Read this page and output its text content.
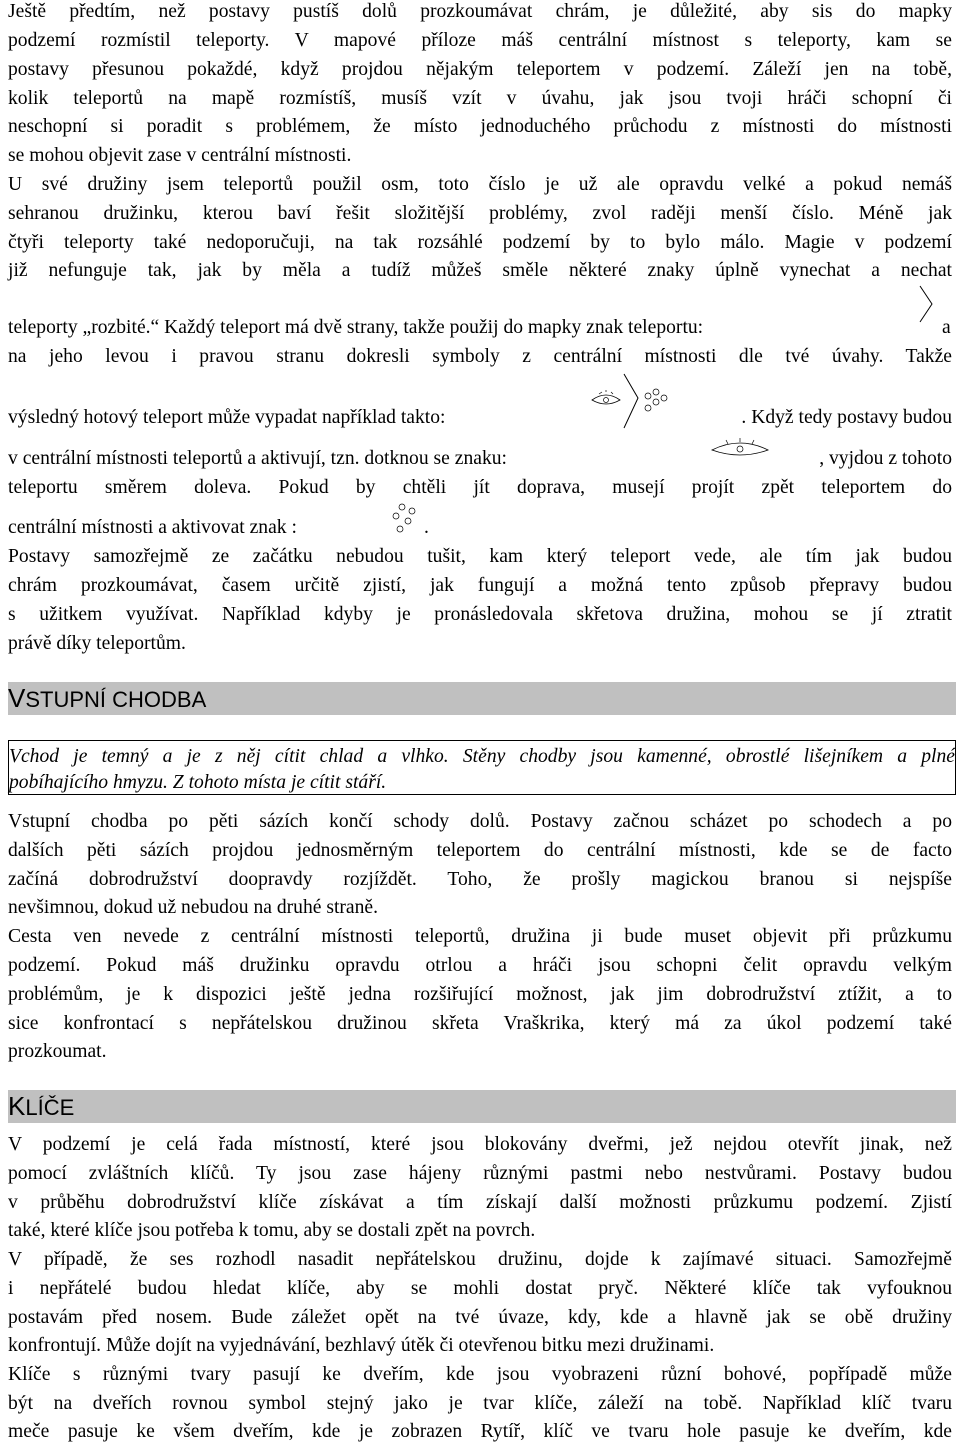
Ještě předtím, než postavy pustíš dolů prozkoumávat chrám, je důležité, aby sis do mapky
podzemí rozmístil teleporty. V mapové příloze máš centrální místnost s teleporty, kam se
postavy přesunou pokaždé, když projdou nějakým teleportem v podzemí. Záleží jen na tobě,
kolik teleportů na mapě rozmístíš, musíš vzít v úvahu, jak jsou tvoji hráči schopní či
neschopní si poradit s problémem, že místo jednoduchého průchodu z místnosti do místnosti
se mohou objevit zase v centrální místnosti.
U své družiny jsem teleportů použil osm, toto číslo je už ale opravdu velké a pokud nemáš
sehranou družinku, kterou baví řešit složitější problémy, zvol raději menší číslo. Méně jak
čtyři teleporty také nedoporučuji, na tak rozsáhlé podzemí by to bylo málo. Magie v podzemí
již nefunguje tak, jak by měla a tudíž můžeš směle některé znaky úplně vynechat a nechat
teleporty „rozbité.“ Každý teleport má dvě strany, takže použij do mapky znak teleportu:	a
na jeho levou i pravou stranu dokresli symboly z centrální místnosti dle tvé úvahy. Takže
výsledný hotový teleport může vypadat například takto:	. Když tedy postavy budou
v centrální místnosti teleportů a aktivují, tzn. dotknou se znaku:	, vyjdou z tohoto
teleportu směrem doleva. Pokud by chtěli jít doprava, musejí projít zpět teleportem do
centrální místnosti a aktivovat znak :	.
Postavy samozřejmě ze začátku nebudou tušit, kam který teleport vede, ale tím jak budou
chrám prozkoumávat, časem určitě zjistí, jak fungují a možná tento způsob přepravy budou
s užitkem využívat. Například kdyby je pronásledovala skřetova družina, mohou se jí ztratit
právě díky teleportům.
VSTUPNÍ CHODBA
Vchod je temný a je z něj cítit chlad a vlhko. Stěny chodby jsou kamenné, obrostlé lišejníkem a plné
pobíhajícího hmyzu. Z tohoto místa je cítit stáří.
Vstupní chodba po pěti sázích končí schody dolů. Postavy začnou scházet po schodech a po
dalších pěti sázích projdou jednosměrným teleportem do centrální místnosti, kde se de facto
začíná dobrodružství doopravdy rozjíždět. Toho, že prošly magickou branou si nejspíše
nevšimnou, dokud už nebudou na druhé straně.
Cesta ven nevede z centrální místnosti teleportů, družina ji bude muset objevit při průzkumu
podzemí. Pokud máš družinku opravdu otrlou a hráči jsou schopni čelit opravdu velkým
problémům, je k dispozici ještě jedna rozšiřující možnost, jak jim dobrodružství ztížit, a to
sice konfrontací s nepřátelskou družinou skřeta Vraškrika, který má za úkol podzemí také
prozkoumat.
KLÍČE
V podzemí je celá řada místností, které jsou blokovány dveřmi, jež nejdou otevřít jinak, než
pomocí zvláštních klíčů. Ty jsou zase hájeny různými pastmi nebo nestvůrami. Postavy budou
v průběhu dobrodružství klíče získávat a tím získají další možnosti průzkumu podzemí. Zjistí
také, které klíče jsou potřeba k tomu, aby se dostali zpět na povrch.
V případě, že ses rozhodl nasadit nepřátelskou družinu, dojde k zajímavé situaci. Samozřejmě
i nepřátelé budou hledat klíče, aby se mohli dostat pryč. Některé klíče tak vyfouknou
postavám před nosem. Bude záležet opět na tvé úvaze, kdy, kde a hlavně jak se obě družiny
konfrontují. Může dojít na vyjednávání, bezhlavý útěk či otevřenou bitku mezi družinami.
Klíče s různými tvary pasují ke dveřím, kde jsou vyobrazeni různí bohové, popřípadě může
být na dveřích rovnou symbol stejný jako je tvar klíče, záleží na tobě. Například klíč tvaru
meče pasuje ke všem dveřím, kde je zobrazen Rytíř, klíč ve tvaru hole pasuje ke dveřím, kde
